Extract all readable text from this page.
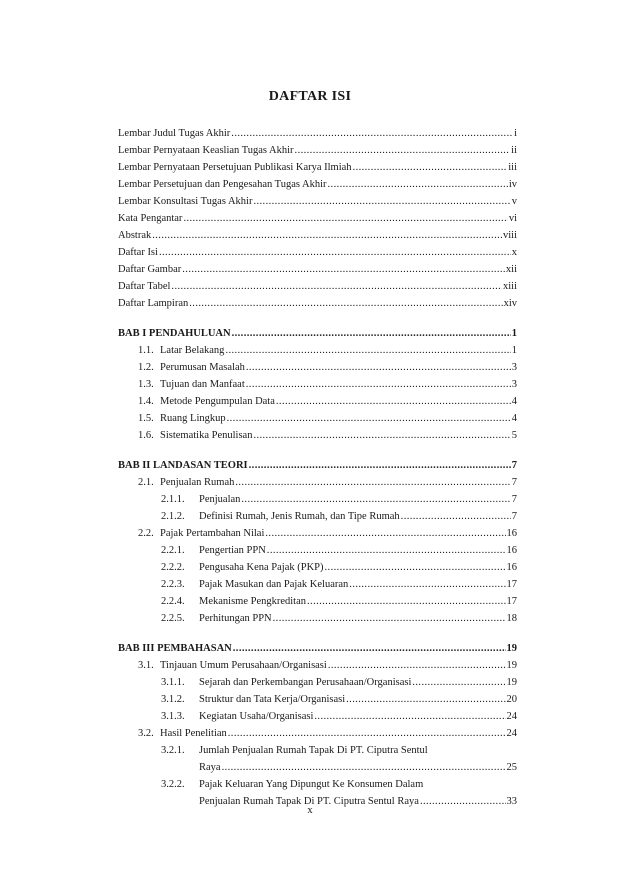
DAFTAR ISI
Lembar Judul Tugas Akhir .....	i
Lembar Pernyataan Keaslian Tugas Akhir .....	ii
Lembar Pernyataan Persetujuan Publikasi Karya Ilmiah .....	iii
Lembar Persetujuan dan Pengesahan Tugas Akhir .....	iv
Lembar Konsultasi Tugas Akhir .....	v
Kata Pengantar .....	vi
Abstrak .....	viii
Daftar Isi .....	x
Daftar Gambar .....	xii
Daftar Tabel .....	xiii
Daftar Lampiran .....	xiv
BAB I PENDAHULUAN .....	1
1.1. Latar Belakang .....	1
1.2. Perumusan Masalah .....	3
1.3. Tujuan dan Manfaat .....	3
1.4. Metode Pengumpulan Data .....	4
1.5. Ruang Lingkup .....	4
1.6. Sistematika Penulisan .....	5
BAB II LANDASAN TEORI .....	7
2.1. Penjualan Rumah .....	7
2.1.1.	Penjualan .....	7
2.1.2.	Definisi Rumah, Jenis Rumah, dan Tipe Rumah .....	7
2.2. Pajak Pertambahan Nilai .....	16
2.2.1.	Pengertian PPN .....	16
2.2.2.	Pengusaha Kena Pajak (PKP) .....	16
2.2.3.	Pajak Masukan dan Pajak Keluaran .....	17
2.2.4.	Mekanisme Pengkreditan .....	17
2.2.5.	Perhitungan PPN .....	18
BAB III PEMBAHASAN .....	19
3.1. Tinjauan Umum Perusahaan/Organisasi .....	19
3.1.1.	Sejarah dan Perkembangan Perusahaan/Organisasi .....	19
3.1.2.	Struktur dan Tata Kerja/Organisasi .....	20
3.1.3.	Kegiatan Usaha/Organisasi .....	24
3.2. Hasil Penelitian .....	24
3.2.1. Jumlah Penjualan Rumah Tapak Di PT. Ciputra Sentul
Raya .....	25
3.2.2. Pajak Keluaran Yang Dipungut Ke Konsumen Dalam
Penjualan Rumah Tapak Di PT. Ciputra Sentul Raya .....	33
x
